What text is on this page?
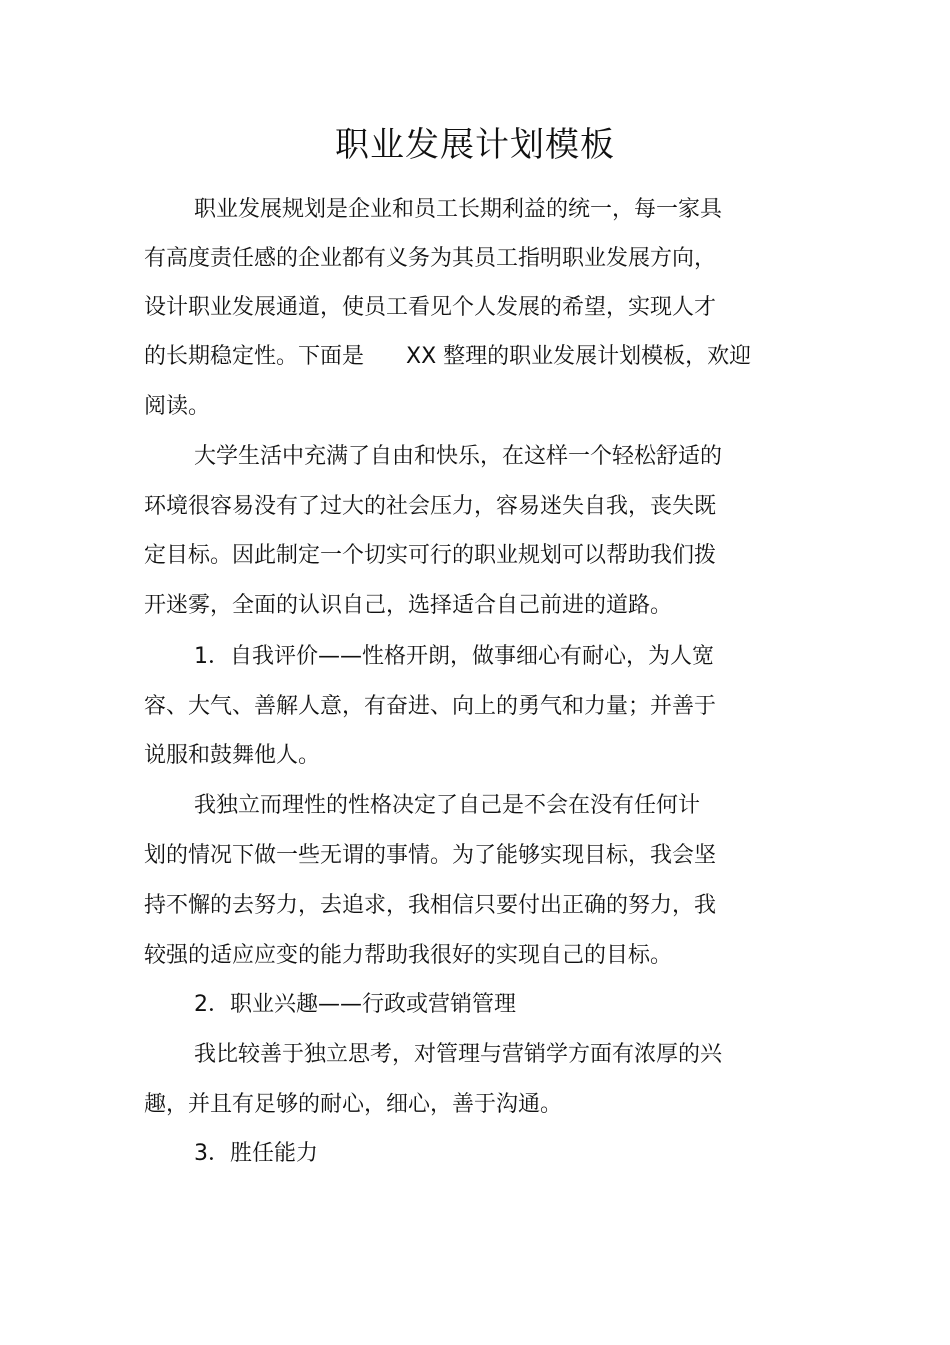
职业发展计划模板
职业发展规划是企业和员工长期利益的统一，每一家具
有高度责任感的企业都有义务为其员工指明职业发展方向，
设计职业发展通道，使员工看见个人发展的希望，实现人才
的长期稳定性。下面是 XX 整理的职业发展计划模板，欢迎
阅读。
大学生活中充满了自由和快乐，在这样一个轻松舒适的
环境很容易没有了过大的社会压力，容易迷失自我，丧失既
定目标。因此制定一个切实可行的职业规划可以帮助我们拨
开迷雾，全面的认识自己，选择适合自己前进的道路。
1．自我评价——性格开朗，做事细心有耐心，为人宽
容、大气、善解人意，有奋进、向上的勇气和力量；并善于
说服和鼓舞他人。
我独立而理性的性格决定了自己是不会在没有任何计
划的情况下做一些无谓的事情。为了能够实现目标，我会坚
持不懈的去努力，去追求，我相信只要付出正确的努力，我
较强的适应应变的能力帮助我很好的实现自己的目标。
2．职业兴趣——行政或营销管理
我比较善于独立思考，对管理与营销学方面有浓厚的兴
趣，并且有足够的耐心，细心，善于沟通。
3．胜任能力
